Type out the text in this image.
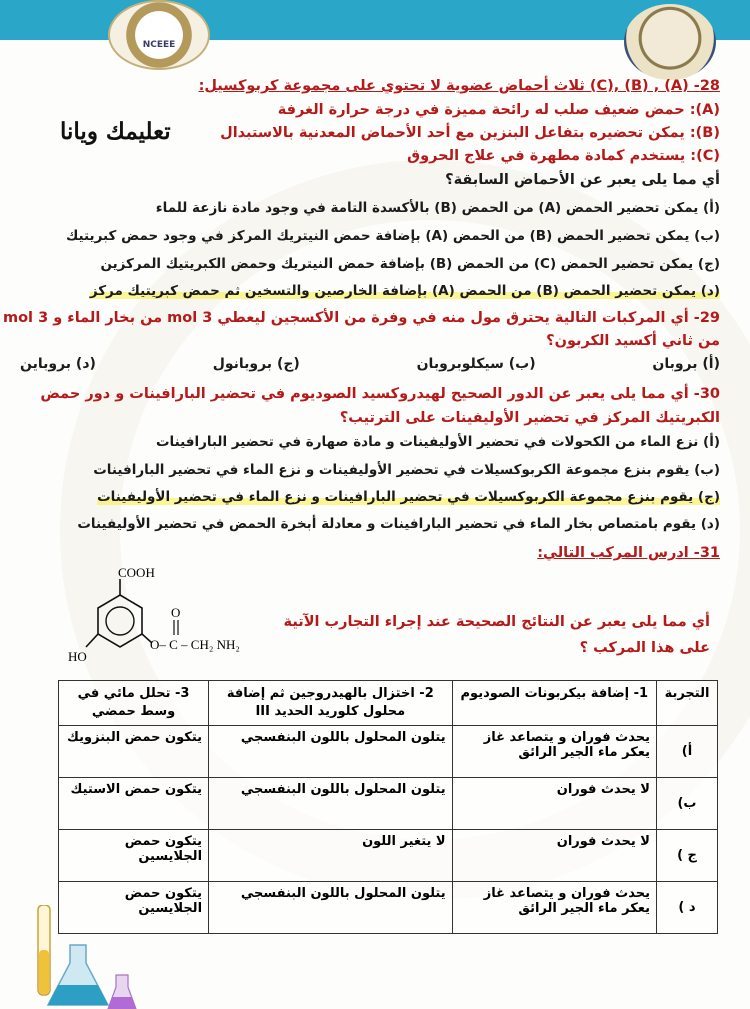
NCEEE
تعليمك ويانا
28- (A) , (B) ,(C) ثلاث أحماض عضوية لا تحتوي على مجموعة كربوكسيل:
(A): حمض ضعيف صلب له رائحة مميزة في درجة حرارة الغرفة
(B): يمكن تحضيره بتفاعل البنزين مع أحد الأحماض المعدنية بالاستبدال
(C): يستخدم كمادة مطهرة في علاج الحروق
أي مما يلى يعبر عن الأحماض السابقة؟
(أ) يمكن تحضير الحمض (A) من الحمض (B) بالأكسدة التامة في وجود مادة نازعة للماء
(ب) يمكن تحضير الحمض (B) من الحمض (A) بإضافة حمض النيتريك المركز في وجود حمض كبريتيك
(ج) يمكن تحضير الحمض (C) من الحمض (B) بإضافة حمض النيتريك وحمض الكبريتيك المركزين
(د) يمكن تحضير الحمض (B) من الحمض (A) بإضافة الخارصين والتسخين ثم حمض كبريتيك مركز
29- أي المركبات التالية يحترق مول منه في وفرة من الأكسجين ليعطي 3 mol من بخار الماء و 3 mol
من ثاني أكسيد الكربون؟
(أ) بروبان
(ب) سيكلوبروبان
(ج) بروبانول
(د) بروباين
30- أي مما يلى يعبر عن الدور الصحيح لهيدروكسيد الصوديوم في تحضير البارافينات و دور حمض
الكبريتيك المركز في تحضير الأوليفينات على الترتيب؟
(أ) نزع الماء من الكحولات في تحضير الأوليفينات و مادة صهارة في تحضير البارافينات
(ب) يقوم بنزع مجموعة الكربوكسيلات في تحضير الأوليفينات و نزع الماء في تحضير البارافينات
(ج) يقوم بنزع مجموعة الكربوكسيلات في تحضير البارافينات و نزع الماء في تحضير الأوليفينات
(د) يقوم بامتصاص بخار الماء في تحضير البارافينات و معادلة أبخرة الحمض في تحضير الأوليفينات
31- ادرس المركب التالي:
أي مما يلى يعبر عن النتائج الصحيحة عند إجراء التجارب الآتية
على هذا المركب ؟
COOH
HO
O
O– C – CH₂ NH₂
التجربة	1- إضافة بيكربونات الصوديوم	2- اختزال بالهيدروجين ثم إضافة محلول كلوريد الحديد III	3- تحلل مائي في وسط حمضي
أ)	يحدث فوران و يتصاعد غاز يعكر ماء الجير الرائق	يتلون المحلول باللون البنفسجي	يتكون حمض البنزويك
ب)	لا يحدث فوران	يتلون المحلول باللون البنفسجي	يتكون حمض الاستيك
ج )	لا يحدث فوران	لا يتغير اللون	يتكون حمض الجلايسين
د )	يحدث فوران و يتصاعد غاز يعكر ماء الجير الرائق	يتلون المحلول باللون البنفسجي	يتكون حمض الجلايسين
